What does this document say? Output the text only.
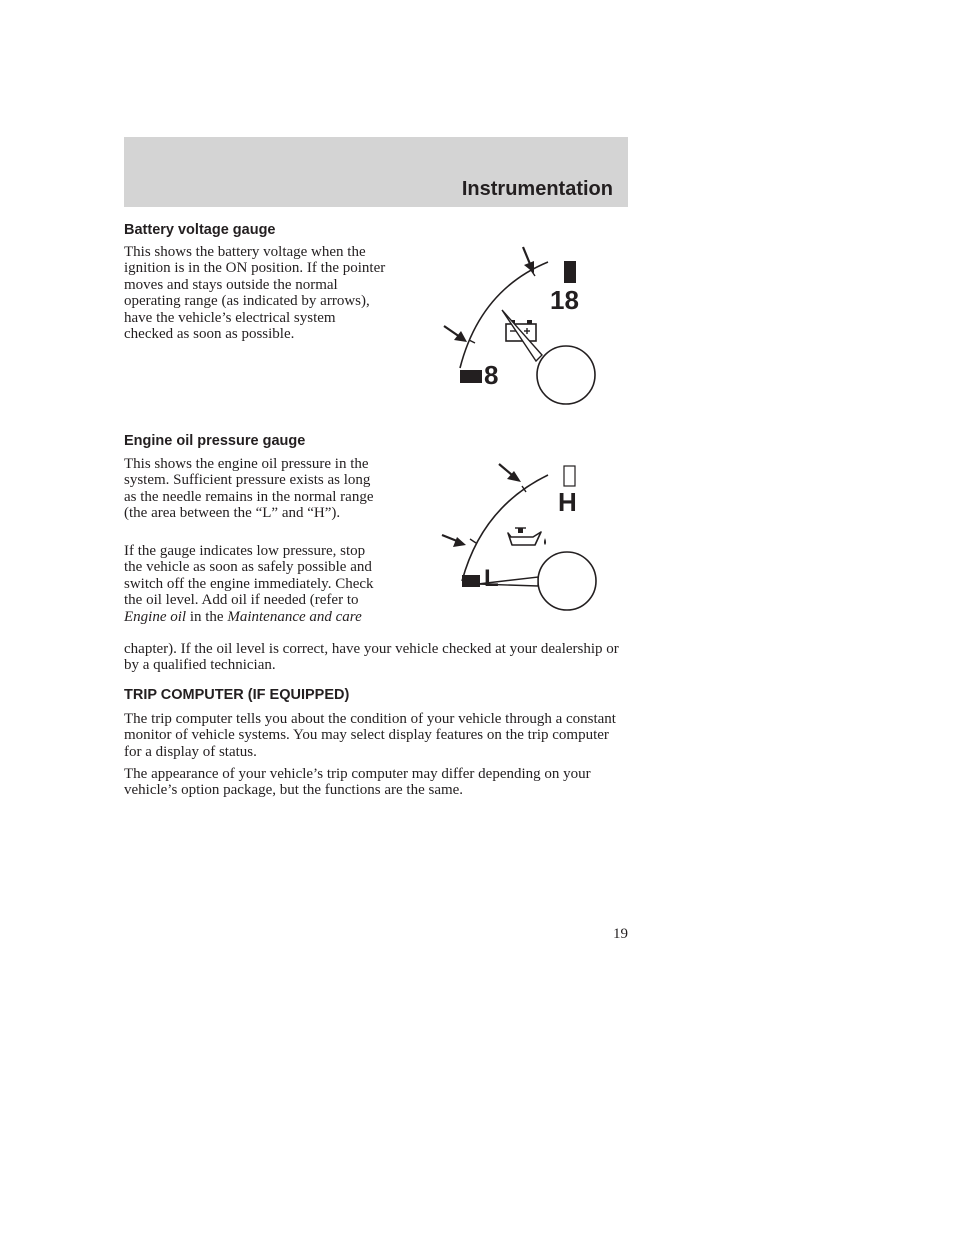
Instrumentation
Battery voltage gauge

This shows the battery voltage when the ignition is in the ON position. If the pointer moves and stays outside the normal operating range (as indicated by arrows), have the vehicle’s electrical system checked as soon as possible.

8
18
Engine oil pressure gauge

This shows the engine oil pressure in the system. Sufficient pressure exists as long as the needle remains in the normal range (the area between the “L” and “H”).

If the gauge indicates low pressure, stop the vehicle as soon as safely possible and switch off the engine immediately. Check the oil level. Add oil if needed (refer to Engine oil in the Maintenance and care

chapter). If the oil level is correct, have your vehicle checked at your dealership or by a qualified technician.

L
H
TRIP COMPUTER (IF EQUIPPED)

The trip computer tells you about the condition of your vehicle through a constant monitor of vehicle systems. You may select display features on the trip computer for a display of status.

The appearance of your vehicle’s trip computer may differ depending on your vehicle’s option package, but the functions are the same.

19
